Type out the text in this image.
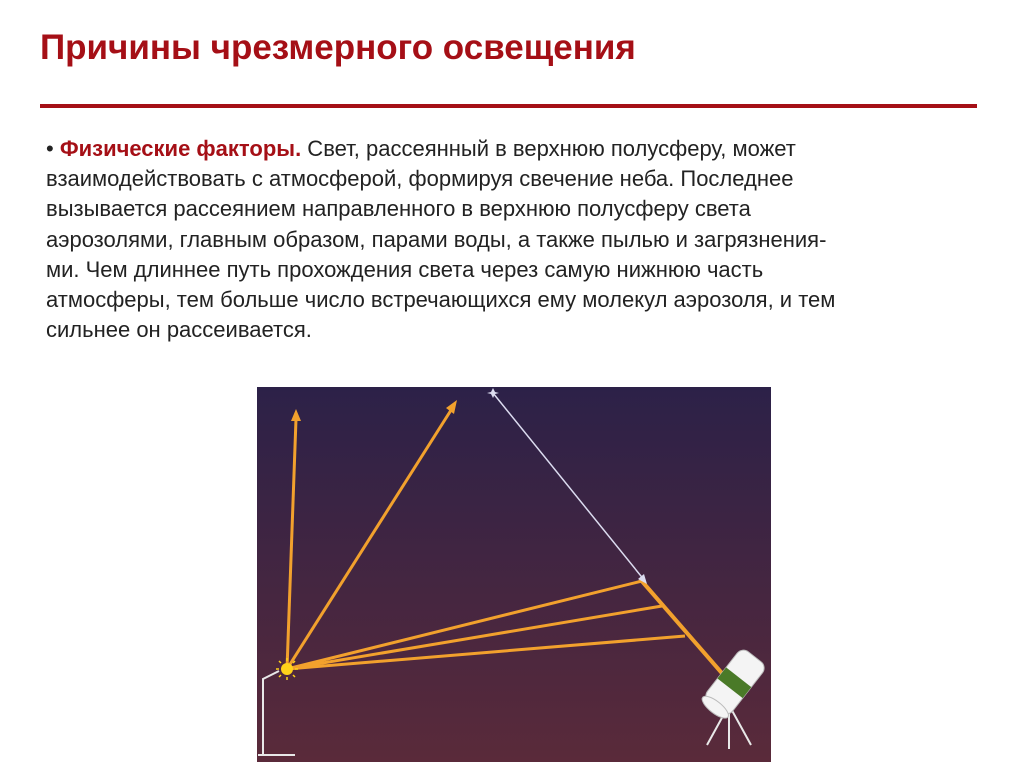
Причины чрезмерного освещения
• Физические факторы. Свет, рассеянный в верхнюю полусферу, может
взаимодействовать с атмосферой, формируя свечение неба. Последнее
вызывается рассеянием направленного в верхнюю полусферу света
аэрозолями, главным образом, парами воды, а также пылью и загрязнения-
ми. Чем длиннее путь прохождения света через самую нижнюю часть
атмосферы, тем больше число встречающихся ему молекул аэрозоля, и тем
сильнее он рассеивается.
